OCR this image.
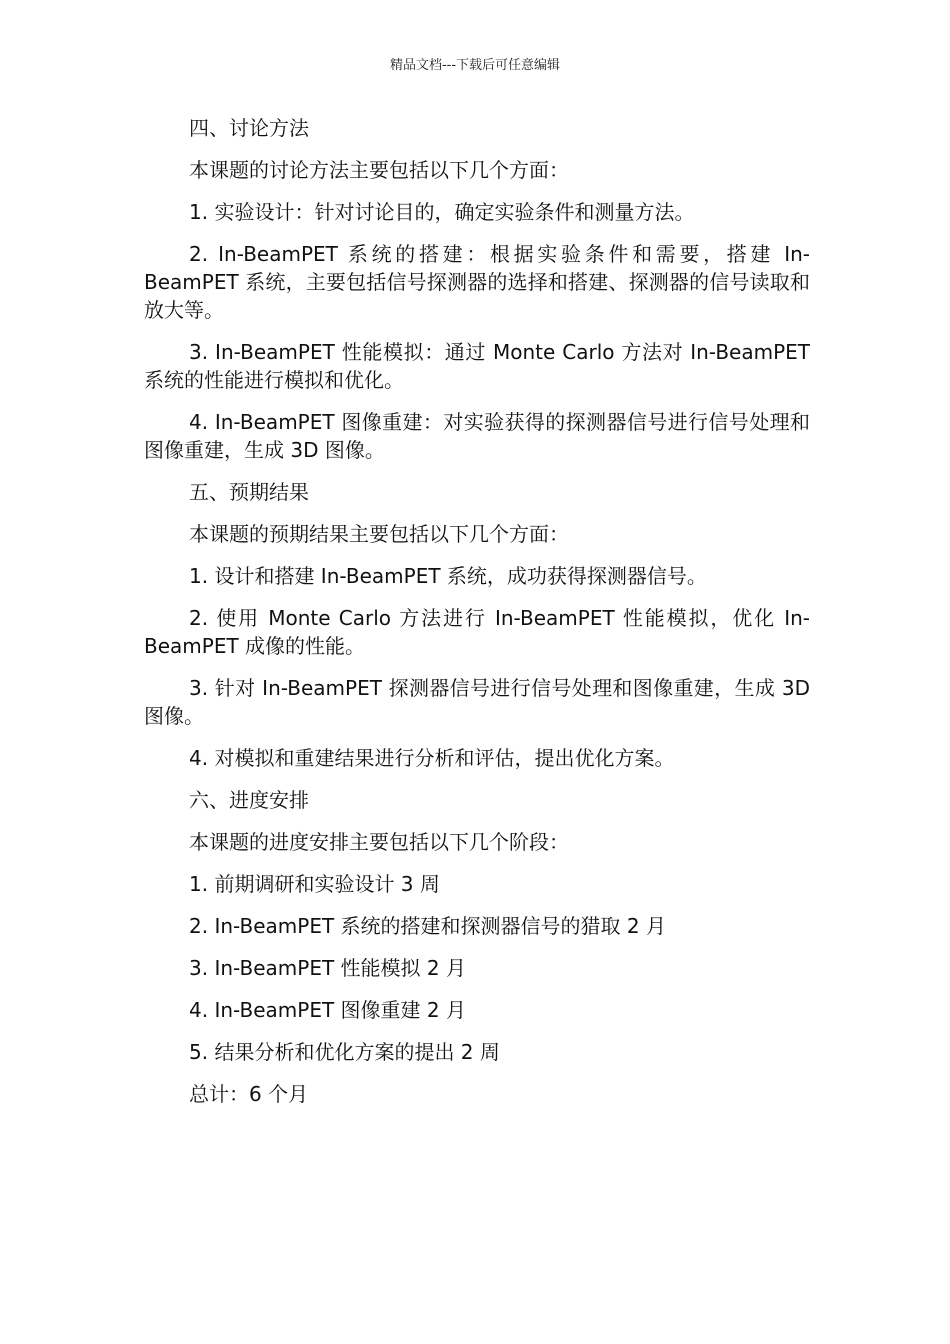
精品文档---下载后可任意编辑

四、讨论方法

本课题的讨论方法主要包括以下几个方面：

1. 实验设计：针对讨论目的，确定实验条件和测量方法。

2. In-BeamPET 系统的搭建：根据实验条件和需要，搭建 In-BeamPET 系统，主要包括信号探测器的选择和搭建、探测器的信号读取和放大等。

3. In-BeamPET 性能模拟：通过 Monte Carlo 方法对 In-BeamPET 系统的性能进行模拟和优化。

4. In-BeamPET 图像重建：对实验获得的探测器信号进行信号处理和图像重建，生成 3D 图像。

五、预期结果

本课题的预期结果主要包括以下几个方面：

1. 设计和搭建 In-BeamPET 系统，成功获得探测器信号。

2. 使用 Monte Carlo 方法进行 In-BeamPET 性能模拟，优化 In-BeamPET 成像的性能。

3. 针对 In-BeamPET 探测器信号进行信号处理和图像重建，生成 3D 图像。

4. 对模拟和重建结果进行分析和评估，提出优化方案。

六、进度安排

本课题的进度安排主要包括以下几个阶段：

1. 前期调研和实验设计 3 周

2. In-BeamPET 系统的搭建和探测器信号的猎取 2 月

3. In-BeamPET 性能模拟 2 月

4. In-BeamPET 图像重建 2 月

5. 结果分析和优化方案的提出 2 周

总计：6 个月
